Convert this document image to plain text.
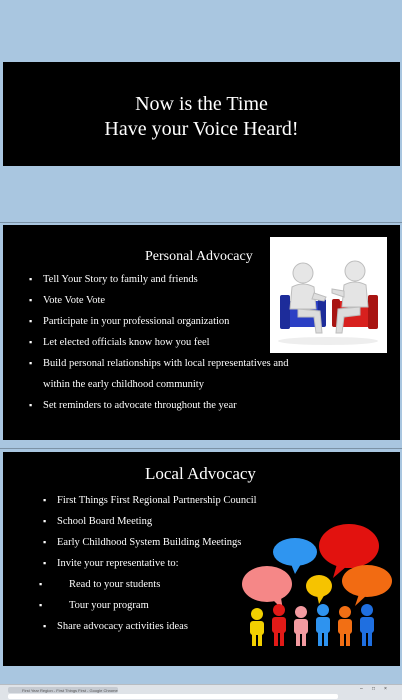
Now is the Time
Have your Voice Heard!
Personal Advocacy
▪ Tell Your Story to family and friends
▪ Vote Vote Vote
▪ Participate in your professional organization
▪ Let elected officials know how you feel
▪ Build personal relationships with local representatives and
within the early childhood community
▪ Set reminders to advocate throughout the year
Local Advocacy
▪ First Things First Regional Partnership Council
▪ School Board Meeting
▪ Early Childhood System Building Meetings
▪ Invite your representative to:
▪	Read to your students
▪	Tour your program
▪ Share advocacy activities ideas
First Year Region - First Things First - Google Chrome	–	□	×
